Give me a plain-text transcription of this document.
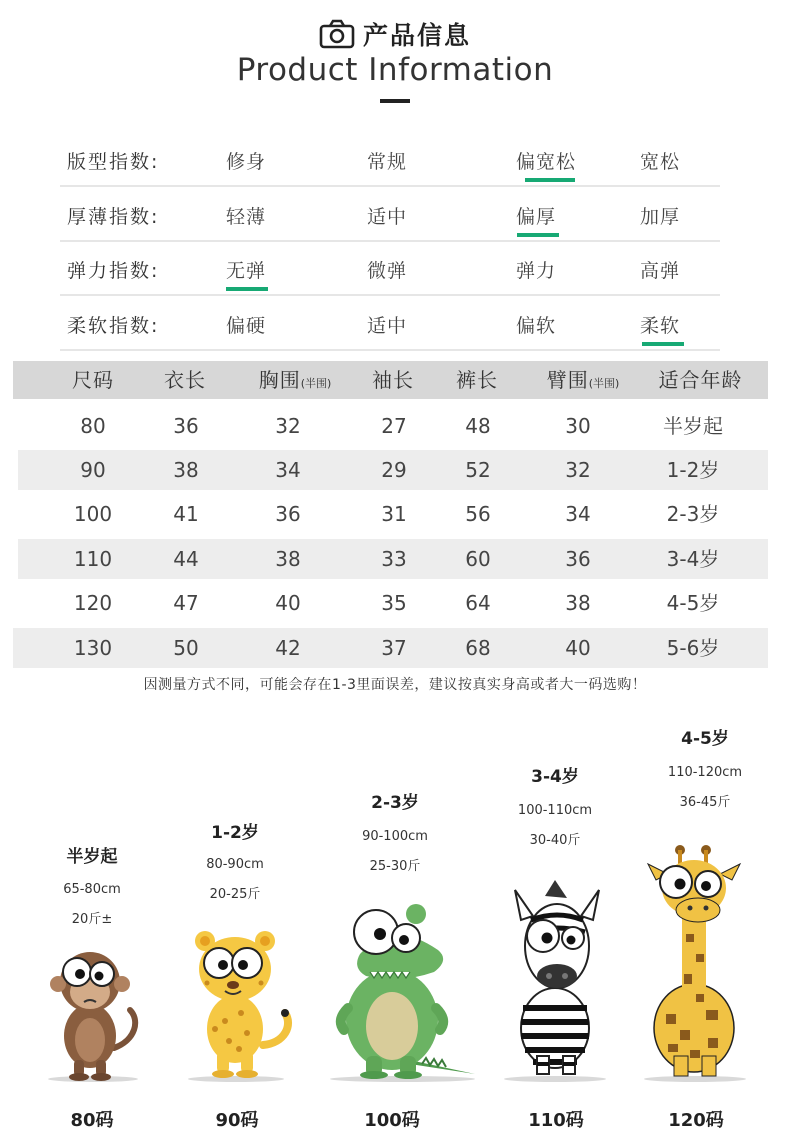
产品信息
Product Information
版型指数:	修身	常规	偏宽松	宽松
厚薄指数:	轻薄	适中	偏厚	加厚
弹力指数:	无弹	微弹	弹力	高弹
柔软指数:	偏硬	适中	偏软	柔软
尺码	衣长	胸围(半围)	袖长	裤长	臂围(半围)	适合年龄
80	36	32	27	48	30	半岁起
90	38	34	29	52	32	1-2岁
100	41	36	31	56	34	2-3岁
110	44	38	33	60	36	3-4岁
120	47	40	35	64	38	4-5岁
130	50	42	37	68	40	5-6岁
因测量方式不同，可能会存在1-3里面误差，建议按真实身高或者大一码选购！
半岁起
65-80cm
20斤±
80码
1-2岁
80-90cm
20-25斤
90码
2-3岁
90-100cm
25-30斤
100码
3-4岁
100-110cm
30-40斤
110码
4-5岁
110-120cm
36-45斤
120码
